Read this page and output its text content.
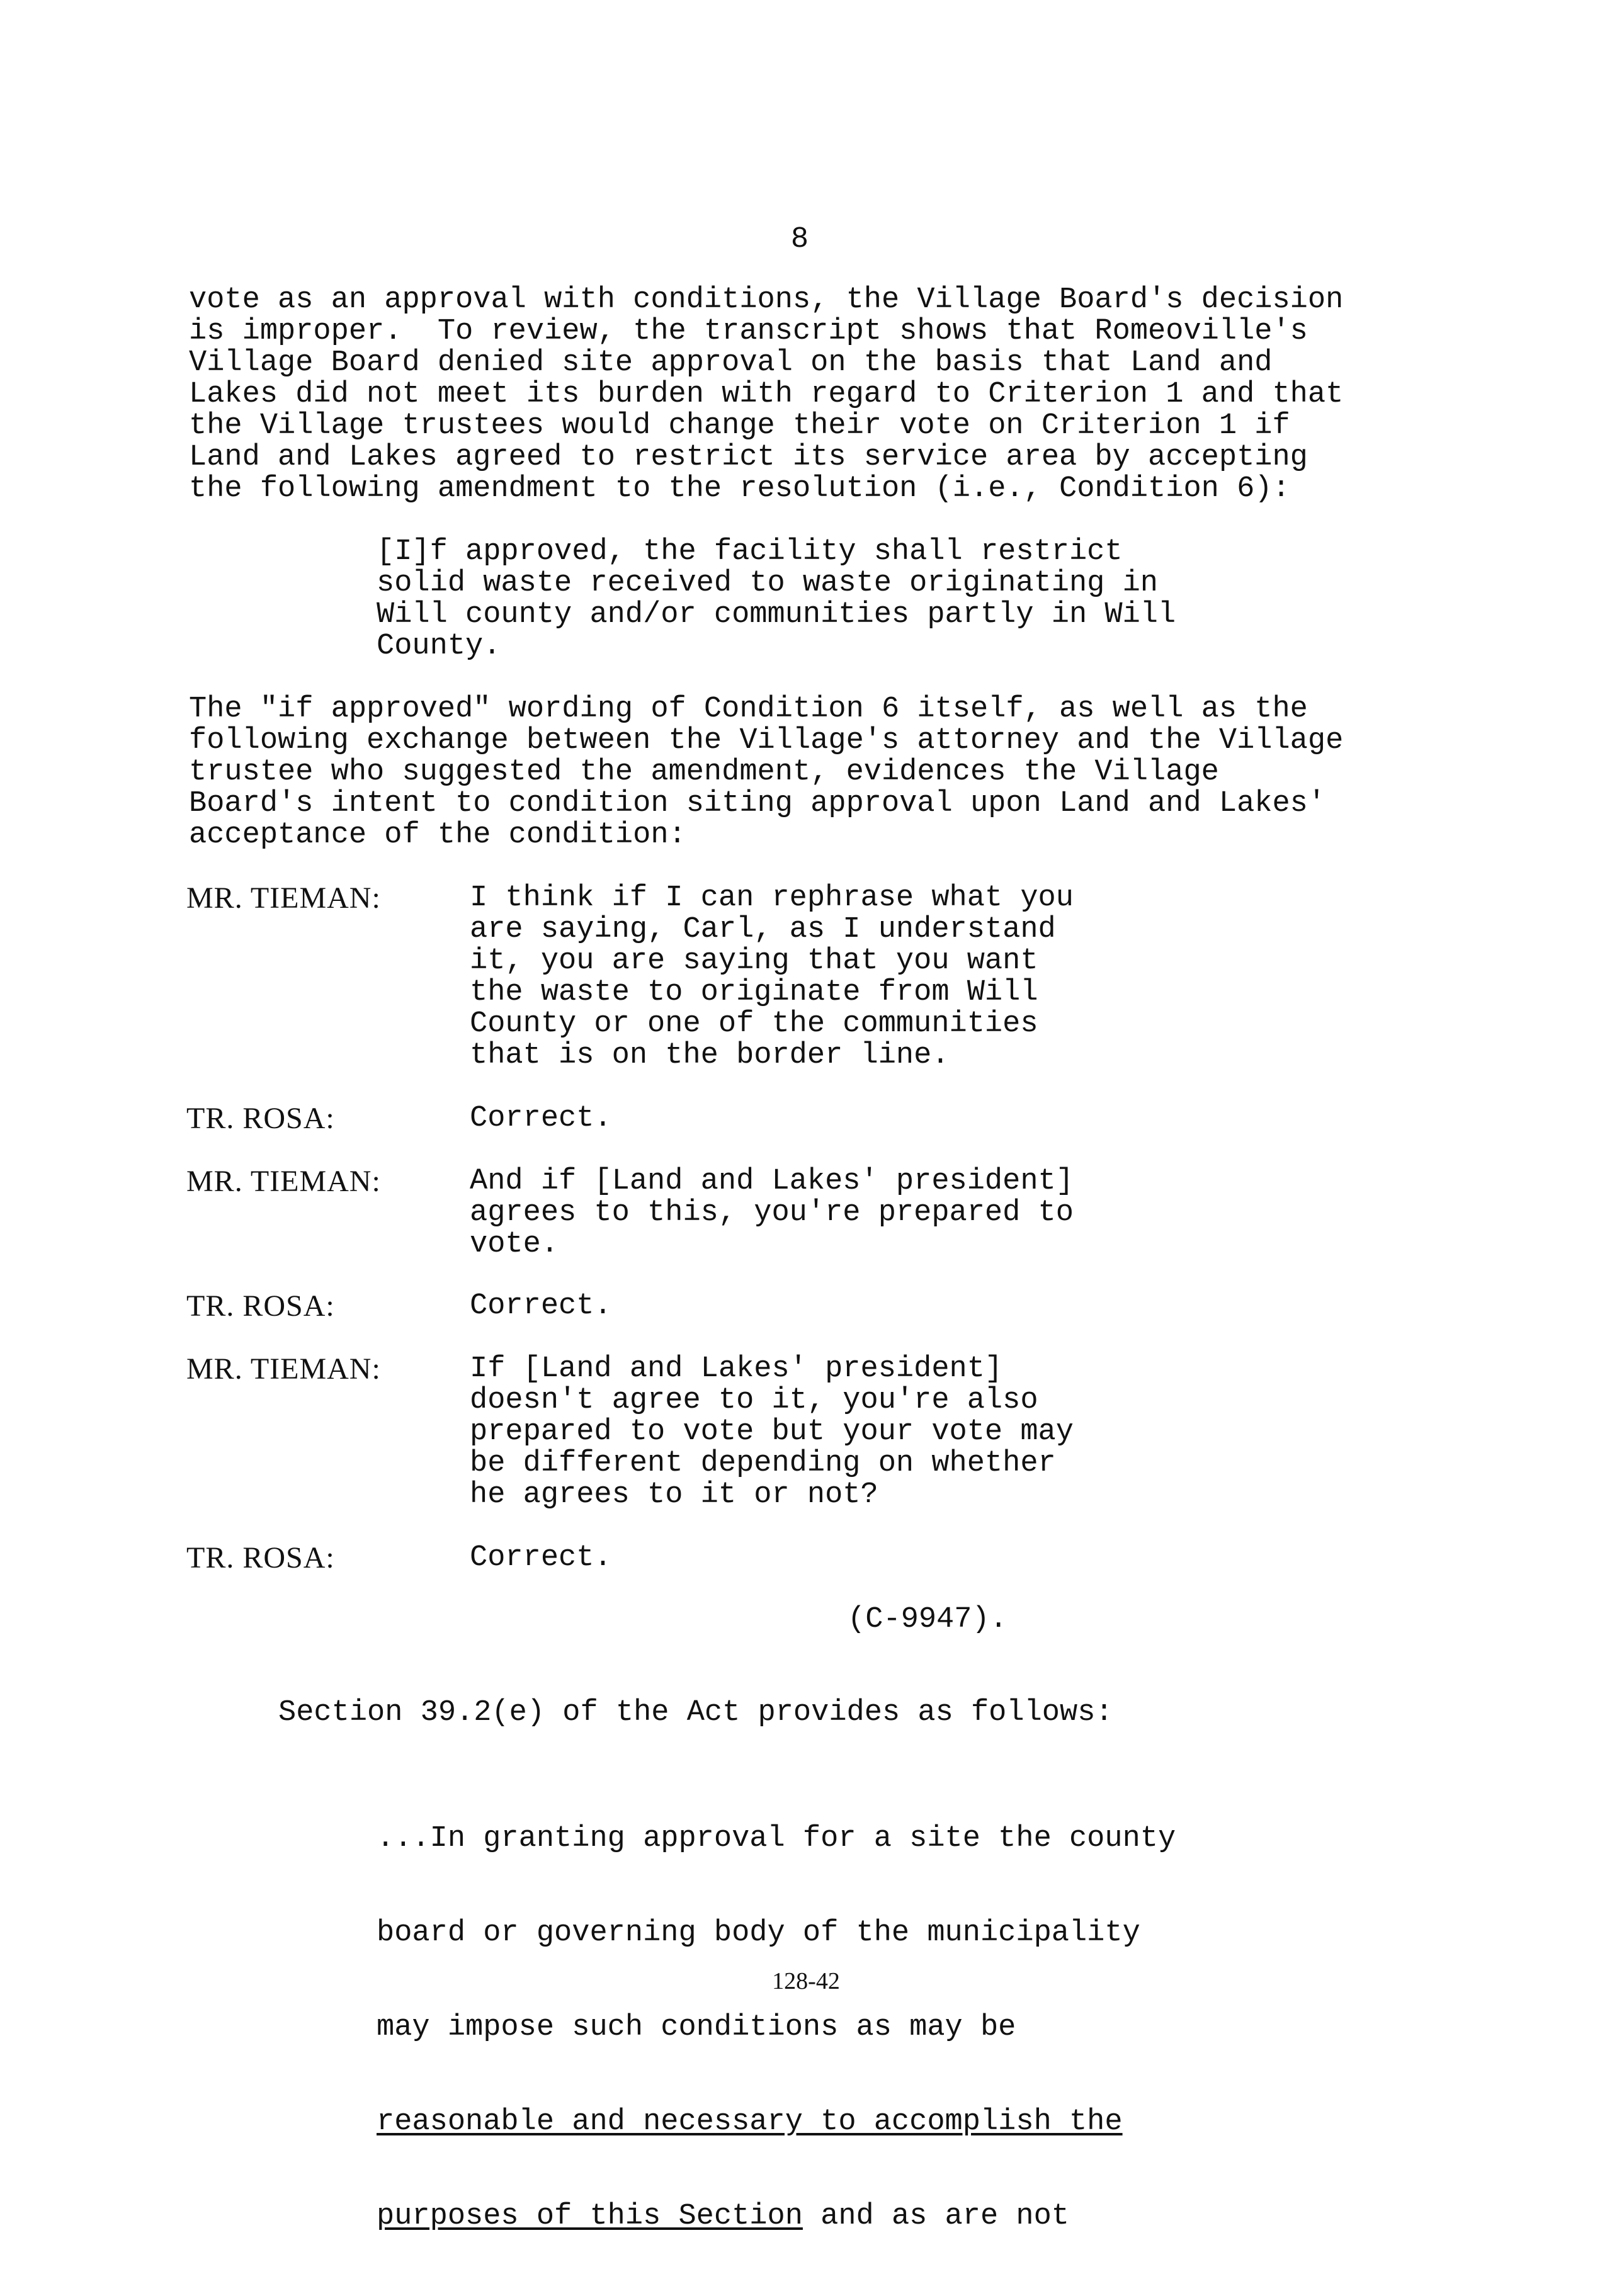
8

vote as an approval with conditions, the Village Board's decision
is improper.  To review, the transcript shows that Romeoville's
Village Board denied site approval on the basis that Land and
Lakes did not meet its burden with regard to Criterion 1 and that
the Village trustees would change their vote on Criterion 1 if
Land and Lakes agreed to restrict its service area by accepting
the following amendment to the resolution (i.e., Condition 6):

[I]f approved, the facility shall restrict
solid waste received to waste originating in
Will county and/or communities partly in Will
County.

The "if approved" wording of Condition 6 itself, as well as the
following exchange between the Village's attorney and the Village
trustee who suggested the amendment, evidences the Village
Board's intent to condition siting approval upon Land and Lakes'
acceptance of the condition:

MR. TIEMAN:	I think if I can rephrase what you
are saying, Carl, as I understand
it, you are saying that you want
the waste to originate from Will
County or one of the communities
that is on the border line.

TR. ROSA:	Correct.

MR. TIEMAN:	And if [Land and Lakes' president]
agrees to this, you're prepared to
vote.

TR. ROSA:	Correct.

MR. TIEMAN:	If [Land and Lakes' president]
doesn't agree to it, you're also
prepared to vote but your vote may
be different depending on whether
he agrees to it or not?

TR. ROSA:	Correct.

(C-9947).
Section 39.2(e) of the Act provides as follows:

...In granting approval for a site the county

board or governing body of the municipality

may impose such conditions as may be

reasonable and necessary to accomplish the

purposes of this Section and as are not

128-42
